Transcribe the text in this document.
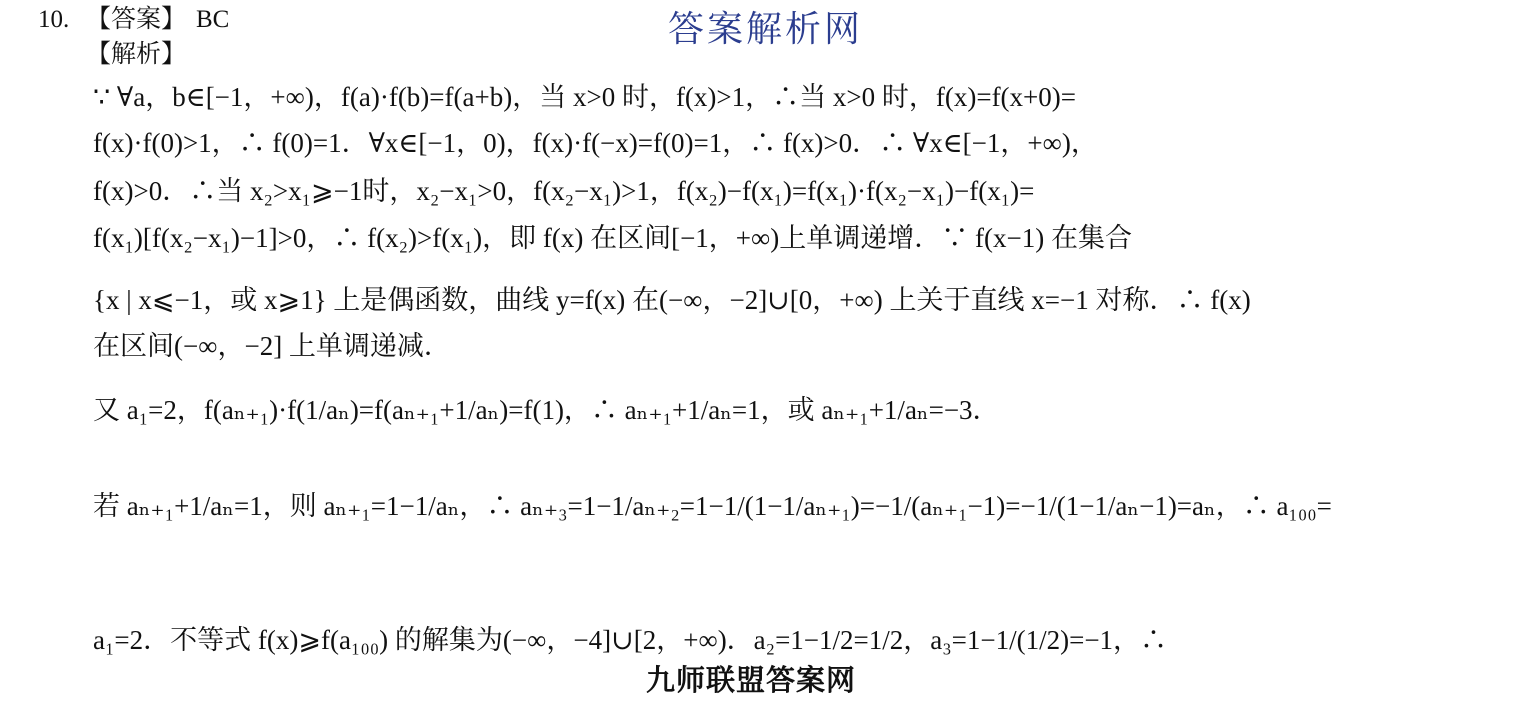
10. 【答案】 BC
【解析】
答案解析网
∵ ∀a，b∈[−1，+∞)，f(a)·f(b)=f(a+b)，当 x>0 时，f(x)>1，∴当 x>0 时，f(x)=f(x+0)=
f(x)·f(0)>1，∴ f(0)=1．∀x∈[−1，0)，f(x)·f(−x)=f(0)=1，∴ f(x)>0．∴ ∀x∈[−1，+∞)，
f(x)>0．∴当 x₂>x₁⩾−1时，x₂−x₁>0，f(x₂−x₁)>1，f(x₂)−f(x₁)=f(x₁)·f(x₂−x₁)−f(x₁)=
f(x₁)[f(x₂−x₁)−1]>0，∴ f(x₂)>f(x₁)，即 f(x) 在区间[−1，+∞)上单调递增．∵ f(x−1) 在集合
{x | x⩽−1，或 x⩾1} 上是偶函数，曲线 y=f(x) 在(−∞，−2]∪[0，+∞) 上关于直线 x=−1 对称．∴ f(x)
在区间(−∞，−2] 上单调递减．
又 a₁=2，f(aₙ₊₁)·f(1/aₙ)=f(aₙ₊₁+1/aₙ)=f(1)，∴ aₙ₊₁+1/aₙ=1，或 aₙ₊₁+1/aₙ=−3．
若 aₙ₊₁+1/aₙ=1，则 aₙ₊₁=1−1/aₙ，∴ aₙ₊₃=1−1/aₙ₊₂=1−1/(1−1/aₙ₊₁)=−1/(aₙ₊₁−1)=−1/(1−1/aₙ−1)=aₙ，∴ a₁₀₀=
a₁=2．不等式 f(x)⩾f(a₁₀₀) 的解集为(−∞，−4]∪[2，+∞)．a₂=1−1/2=1/2，a₃=1−1/(1/2)=−1，∴
九师联盟答案网
